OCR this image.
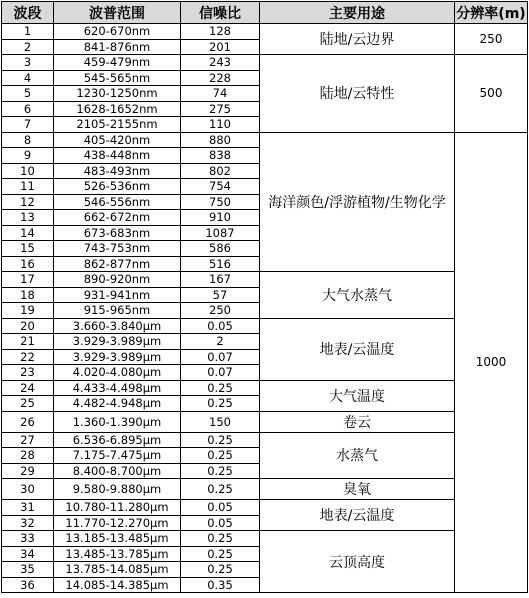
波段	波普范围	信噪比	主要用途	分辨率(m)
1	620-670nm	128	陆地/云边界	250
2	841-876nm	201		
3	459-479nm	243	陆地/云特性	500
4	545-565nm	228		
5	1230-1250nm	74		
6	1628-1652nm	275		
7	2105-2155nm	110		
8	405-420nm	880	海洋颜色/浮游植物/生物化学	1000
9	438-448nm	838		
10	483-493nm	802		
11	526-536nm	754		
12	546-556nm	750		
13	662-672nm	910		
14	673-683nm	1087		
15	743-753nm	586		
16	862-877nm	516		
17	890-920nm	167	大气水蒸气	
18	931-941nm	57		
19	915-965nm	250		
20	3.660-3.840μm	0.05	地表/云温度	
21	3.929-3.989μm	2		
22	3.929-3.989μm	0.07		
23	4.020-4.080μm	0.07		
24	4.433-4.498μm	0.25	大气温度	
25	4.482-4.948μm	0.25		
26	1.360-1.390μm	150	卷云	
27	6.536-6.895μm	0.25	水蒸气	
28	7.175-7.475μm	0.25		
29	8.400-8.700μm	0.25		
30	9.580-9.880μm	0.25	臭氧	
31	10.780-11.280μm	0.05	地表/云温度	
32	11.770-12.270μm	0.05		
33	13.185-13.485μm	0.25	云顶高度	
34	13.485-13.785μm	0.25		
35	13.785-14.085μm	0.25		
36	14.085-14.385μm	0.35		
